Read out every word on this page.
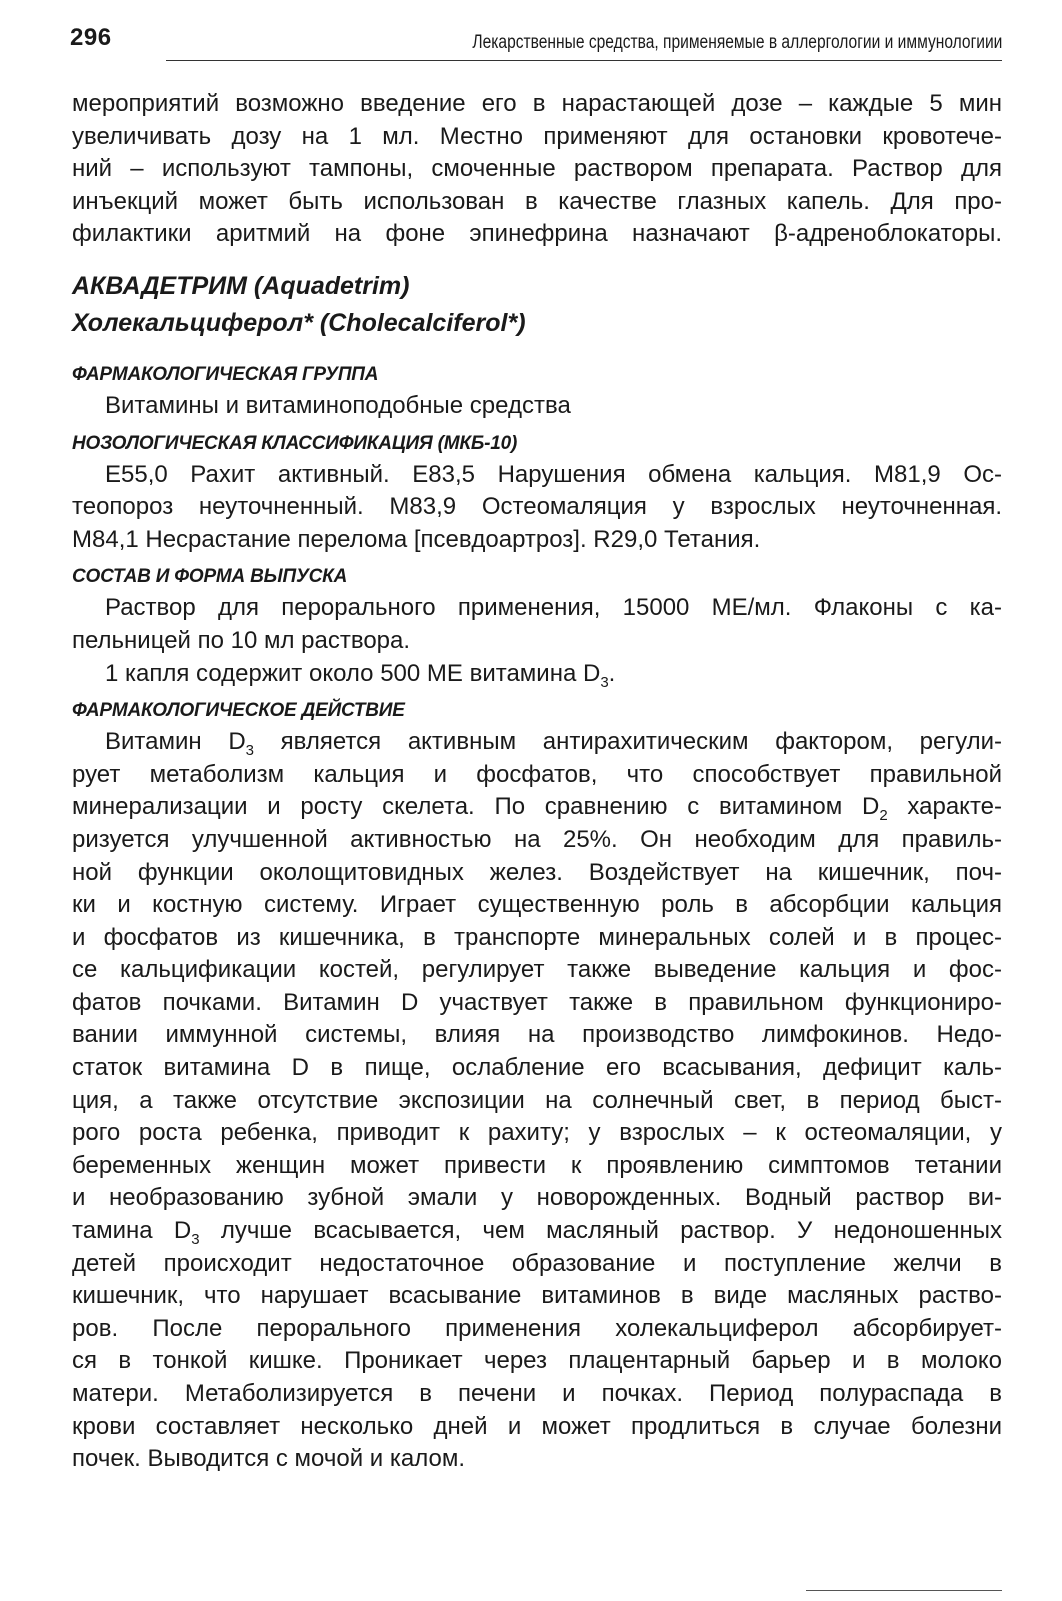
296	Лекарственные средства, применяемые в аллергологии и иммунологиии
мероприятий возможно введение его в нарастающей дозе – каждые 5 мин
увеличивать дозу на 1 мл. Местно применяют для остановки кровотече-
ний – используют тампоны, смоченные раствором препарата. Раствор для
инъекций может быть использован в качестве глазных капель. Для про-
филактики аритмий на фоне эпинефрина назначают β-адреноблокаторы.
АКВАДЕТРИМ (Aquadetrim)
Холекальциферол* (Cholecalciferol*)
ФАРМАКОЛОГИЧЕСКАЯ ГРУППА
Витамины и витаминоподобные средства
НОЗОЛОГИЧЕСКАЯ КЛАССИФИКАЦИЯ (МКБ-10)
E55,0 Рахит активный. E83,5 Нарушения обмена кальция. M81,9 Ос-
теопороз неуточненный. M83,9 Остеомаляция у взрослых неуточненная.
M84,1 Несрастание перелома [псевдоартроз]. R29,0 Тетания.
СОСТАВ И ФОРМА ВЫПУСКА
Раствор для перорального применения, 15000 МЕ/мл. Флаконы с ка-
пельницей по 10 мл раствора.
1 капля содержит около 500 МЕ витамина $D_3$.
ФАРМАКОЛОГИЧЕСКОЕ ДЕЙСТВИЕ
Витамин $D_3$ является активным антирахитическим фактором, регули-
рует метаболизм кальция и фосфатов, что способствует правильной
минерализации и росту скелета. По сравнению с витамином $D_2$ характе-
ризуется улучшенной активностью на 25%. Он необходим для правиль-
ной функции околощитовидных желез. Воздействует на кишечник, поч-
ки и костную систему. Играет существенную роль в абсорбции кальция
и фосфатов из кишечника, в транспорте минеральных солей и в процес-
се кальцификации костей, регулирует также выведение кальция и фос-
фатов почками. Витамин D участвует также в правильном функциониро-
вании иммунной системы, влияя на производство лимфокинов. Недо-
статок витамина D в пище, ослабление его всасывания, дефицит каль-
ция, а также отсутствие экспозиции на солнечный свет, в период быст-
рого роста ребенка, приводит к рахиту; у взрослых – к остеомаляции, у
беременных женщин может привести к проявлению симптомов тетании
и необразованию зубной эмали у новорожденных. Водный раствор ви-
тамина $D_3$ лучше всасывается, чем масляный раствор. У недоношенных
детей происходит недостаточное образование и поступление желчи в
кишечник, что нарушает всасывание витаминов в виде масляных раство-
ров. После перорального применения холекальциферол абсорбирует-
ся в тонкой кишке. Проникает через плацентарный барьер и в молоко
матери. Метаболизируется в печени и почках. Период полураспада в
крови составляет несколько дней и может продлиться в случае болезни
почек. Выводится с мочой и калом.
